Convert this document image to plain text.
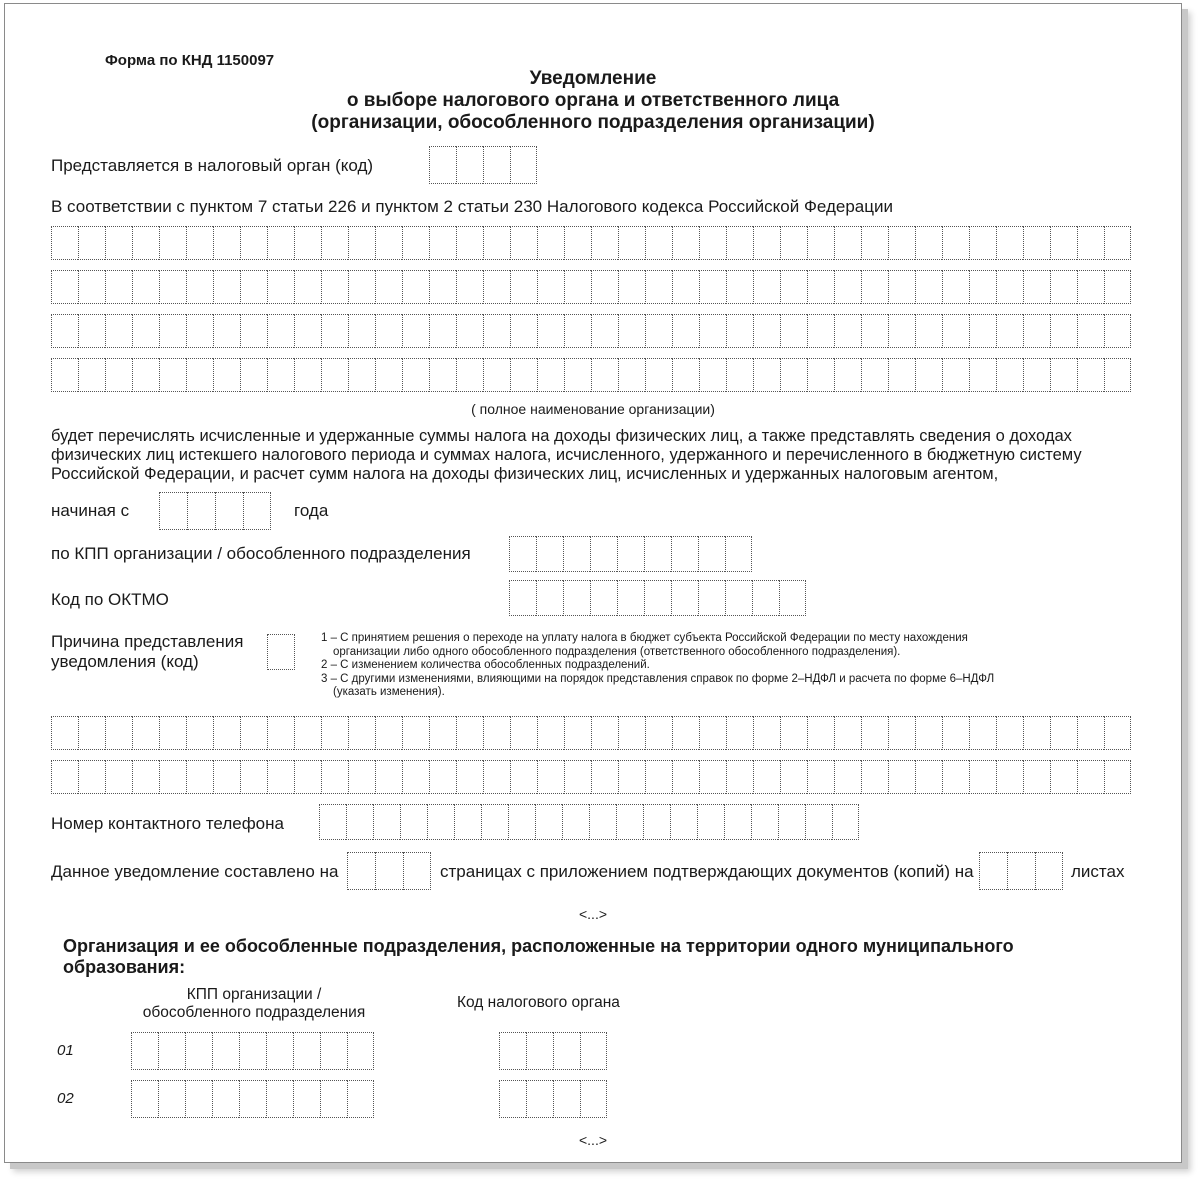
Форма по КНД 1150097
Уведомление
о выборе налогового органа и ответственного лица
(организации, обособленного подразделения организации)
Представляется в налоговый орган (код)
В соответствии с пунктом 7 статьи 226 и пунктом 2 статьи 230 Налогового кодекса Российской Федерации
( полное наименование организации)
будет перечислять исчисленные и удержанные суммы налога на доходы физических лиц, а также представлять сведения о доходах
физических лиц истекшего налогового периода и суммах налога, исчисленного, удержанного и перечисленного в бюджетную систему
Российской Федерации, и расчет сумм налога на доходы физических лиц, исчисленных и удержанных налоговым агентом,
начиная с	года
по КПП организации / обособленного подразделения
Код по ОКТМО
Причина представления
уведомления (код)

1 – С принятием решения о переходе на уплату налога в бюджет субъекта Российской Федерации по месту нахождения

организации либо одного обособленного подразделения (ответственного обособленного подразделения).

2 – С изменением количества обособленных подразделений.

3 – С другими изменениями, влияющими на порядок представления справок по форме 2–НДФЛ и расчета по форме 6–НДФЛ

(указать изменения).

Номер контактного телефона
Данное уведомление составлено на	страницах с приложением подтверждающих документов (копий) на	листах
<...>
Организация и ее обособленные подразделения, расположенные на территории одного муниципального
образования:
КПП организации /
обособленного подразделения
Код налогового органа
01
02
<...>
